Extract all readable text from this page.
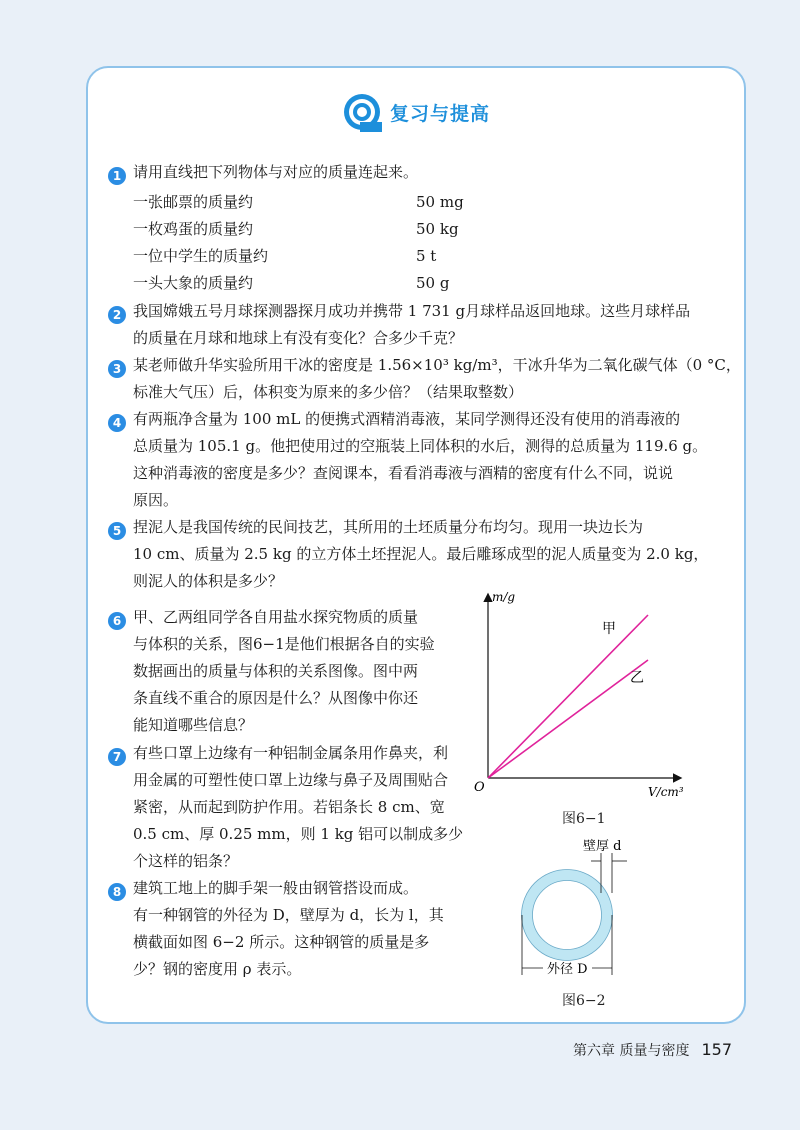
复习与提高
1 请用直线把下列物体与对应的质量连起来。
一张邮票的质量约
一枚鸡蛋的质量约
一位中学生的质量约
一头大象的质量约
50 mg
50 kg
5 t
50 g
2 我国嫦娥五号月球探测器探月成功并携带 1 731 g月球样品返回地球。这些月球样品
的质量在月球和地球上有没有变化？合多少千克？
3 某老师做升华实验所用干冰的密度是 1.56×10³ kg/m³，干冰升华为二氧化碳气体（0 °C，
标准大气压）后，体积变为原来的多少倍？（结果取整数）
4 有两瓶净含量为 100 mL 的便携式酒精消毒液，某同学测得还没有使用的消毒液的
总质量为 105.1 g。他把使用过的空瓶装上同体积的水后，测得的总质量为 119.6 g。
这种消毒液的密度是多少？查阅课本，看看消毒液与酒精的密度有什么不同，说说
原因。
5 捏泥人是我国传统的民间技艺，其所用的土坯质量分布均匀。现用一块边长为
10 cm、质量为 2.5 kg 的立方体土坯捏泥人。最后雕琢成型的泥人质量变为 2.0 kg，
则泥人的体积是多少？
6 甲、乙两组同学各自用盐水探究物质的质量
与体积的关系，图6−1是他们根据各自的实验
数据画出的质量与体积的关系图像。图中两
条直线不重合的原因是什么？从图像中你还
能知道哪些信息？
7 有些口罩上边缘有一种铝制金属条用作鼻夹，利
用金属的可塑性使口罩上边缘与鼻子及周围贴合
紧密，从而起到防护作用。若铝条长 8 cm、宽
0.5 cm、厚 0.25 mm，则 1 kg 铝可以制成多少
个这样的铝条？
8 建筑工地上的脚手架一般由钢管搭设而成。
有一种钢管的外径为 D，壁厚为 d，长为 l，其
横截面如图 6−2 所示。这种钢管的质量是多
少？钢的密度用 ρ 表示。
m/g
V/cm³
O
甲
乙
图6−1
壁厚 d
外径 D
图6−2
第六章 质量与密度 157
